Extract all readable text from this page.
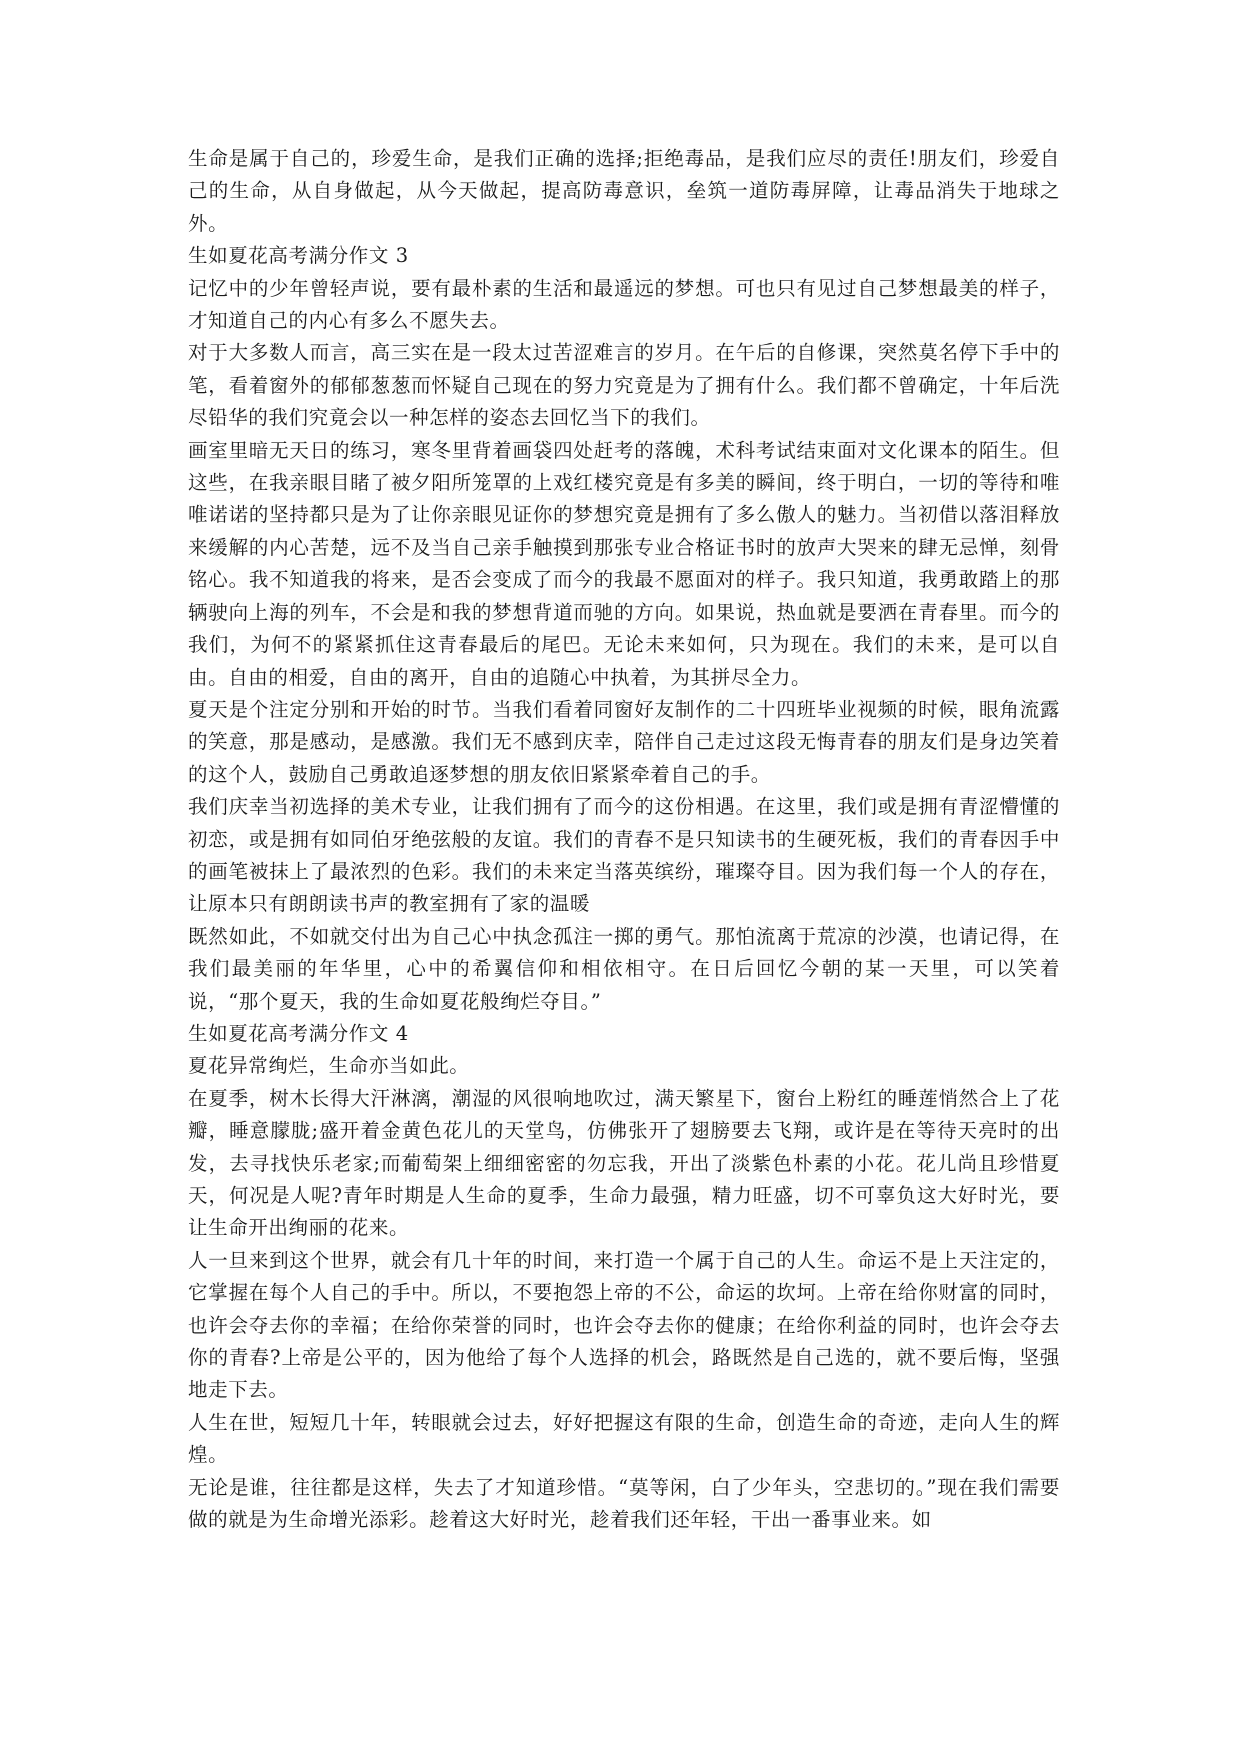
生命是属于自己的，珍爱生命，是我们正确的选择;拒绝毒品，是我们应尽的责任!朋友们，珍爱自己的生命，从自身做起，从今天做起，提高防毒意识，垒筑一道防毒屏障，让毒品消失于地球之外。

生如夏花高考满分作文 3

记忆中的少年曾轻声说，要有最朴素的生活和最遥远的梦想。可也只有见过自己梦想最美的样子，才知道自己的内心有多么不愿失去。

对于大多数人而言，高三实在是一段太过苦涩难言的岁月。在午后的自修课，突然莫名停下手中的笔，看着窗外的郁郁葱葱而怀疑自己现在的努力究竟是为了拥有什么。我们都不曾确定，十年后洗尽铅华的我们究竟会以一种怎样的姿态去回忆当下的我们。

画室里暗无天日的练习，寒冬里背着画袋四处赶考的落魄，术科考试结束面对文化课本的陌生。但这些，在我亲眼目睹了被夕阳所笼罩的上戏红楼究竟是有多美的瞬间，终于明白，一切的等待和唯唯诺诺的坚持都只是为了让你亲眼见证你的梦想究竟是拥有了多么傲人的魅力。当初借以落泪释放来缓解的内心苦楚，远不及当自己亲手触摸到那张专业合格证书时的放声大哭来的肆无忌惮，刻骨铭心。我不知道我的将来，是否会变成了而今的我最不愿面对的样子。我只知道，我勇敢踏上的那辆驶向上海的列车，不会是和我的梦想背道而驰的方向。如果说，热血就是要洒在青春里。而今的我们，为何不的紧紧抓住这青春最后的尾巴。无论未来如何，只为现在。我们的未来，是可以自由。自由的相爱，自由的离开，自由的追随心中执着，为其拼尽全力。

夏天是个注定分别和开始的时节。当我们看着同窗好友制作的二十四班毕业视频的时候，眼角流露的笑意，那是感动，是感激。我们无不感到庆幸，陪伴自己走过这段无悔青春的朋友们是身边笑着的这个人，鼓励自己勇敢追逐梦想的朋友依旧紧紧牵着自己的手。

我们庆幸当初选择的美术专业，让我们拥有了而今的这份相遇。在这里，我们或是拥有青涩懵懂的初恋，或是拥有如同伯牙绝弦般的友谊。我们的青春不是只知读书的生硬死板，我们的青春因手中的画笔被抹上了最浓烈的色彩。我们的未来定当落英缤纷，璀璨夺目。因为我们每一个人的存在，让原本只有朗朗读书声的教室拥有了家的温暖

既然如此，不如就交付出为自己心中执念孤注一掷的勇气。那怕流离于荒凉的沙漠，也请记得，在我们最美丽的年华里，心中的希翼信仰和相依相守。在日后回忆今朝的某一天里，可以笑着说，“那个夏天，我的生命如夏花般绚烂夺目。”

生如夏花高考满分作文 4

夏花异常绚烂，生命亦当如此。

在夏季，树木长得大汗淋漓，潮湿的风很响地吹过，满天繁星下，窗台上粉红的睡莲悄然合上了花瓣，睡意朦胧;盛开着金黄色花儿的天堂鸟，仿佛张开了翅膀要去飞翔，或许是在等待天亮时的出发，去寻找快乐老家;而葡萄架上细细密密的勿忘我，开出了淡紫色朴素的小花。花儿尚且珍惜夏天，何况是人呢?青年时期是人生命的夏季，生命力最强，精力旺盛，切不可辜负这大好时光，要让生命开出绚丽的花来。

人一旦来到这个世界，就会有几十年的时间，来打造一个属于自己的人生。命运不是上天注定的，它掌握在每个人自己的手中。所以，不要抱怨上帝的不公，命运的坎坷。上帝在给你财富的同时，也许会夺去你的幸福；在给你荣誉的同时，也许会夺去你的健康；在给你利益的同时，也许会夺去你的青春?上帝是公平的，因为他给了每个人选择的机会，路既然是自己选的，就不要后悔，坚强地走下去。

人生在世，短短几十年，转眼就会过去，好好把握这有限的生命，创造生命的奇迹，走向人生的辉煌。

无论是谁，往往都是这样，失去了才知道珍惜。“莫等闲，白了少年头，空悲切的。”现在我们需要做的就是为生命增光添彩。趁着这大好时光，趁着我们还年轻，干出一番事业来。如
